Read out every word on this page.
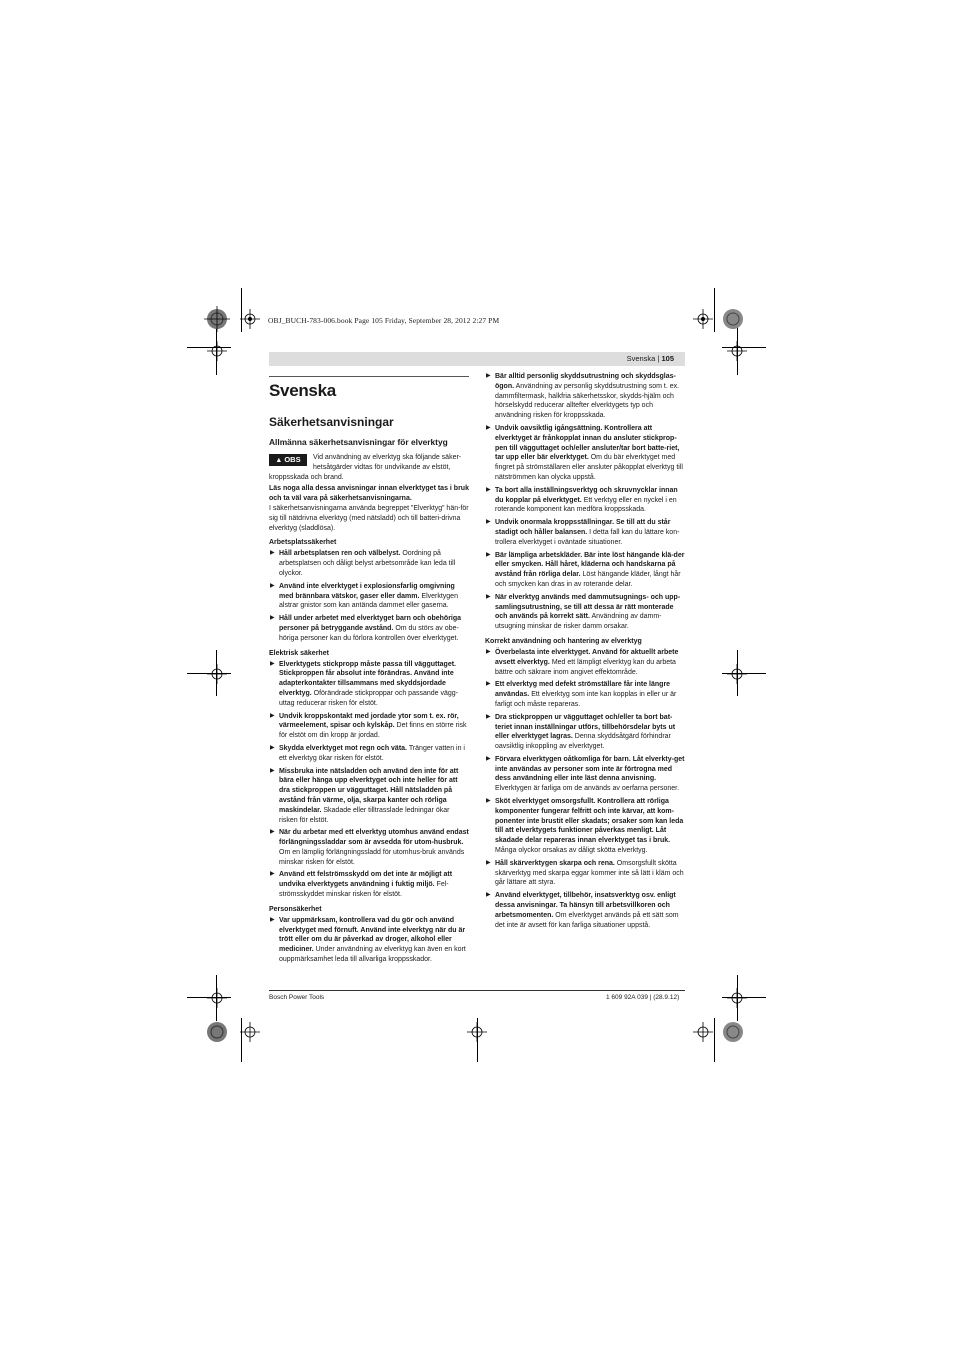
OBJ_BUCH-783-006.book Page 105 Friday, September 28, 2012 2:27 PM
Svenska | 105
Svenska
Säkerhetsanvisningar
Allmänna säkerhetsanvisningar för elverktyg
▲ OBS	Vid användning av elverktyg ska följande säker-hetsåtgärder vidtas för undvikande av elstöt, kroppsskada och brand.

Läs noga alla dessa anvisningar innan elverktyget tas i bruk och ta väl vara på säkerhetsanvisningarna.

I säkerhetsanvisningarna använda begreppet ”Elverktyg” hän-för sig till nätdrivna elverktyg (med nätsladd) och till batteri-drivna elverktyg (sladdlösa).

Arbetsplatssäkerhet
▶ Håll arbetsplatsen ren och välbelyst. Oordning på arbetsplatsen och dåligt belyst arbetsområde kan leda till olyckor.

▶ Använd inte elverktyget i explosionsfarlig omgivning med brännbara vätskor, gaser eller damm. Elverktygen alstrar gnistor som kan antända dammet eller gaserna.

▶ Håll under arbetet med elverktyget barn och obehöriga personer på betryggande avstånd. Om du störs av obe-höriga personer kan du förlora kontrollen över elverktyget.

Elektrisk säkerhet
▶ Elverktygets stickpropp måste passa till vägguttaget. Stickproppen får absolut inte förändras. Använd inte adapterkontakter tillsammans med skyddsjordade elverktyg. Oförändrade stickproppar och passande vägg-uttag reducerar risken för elstöt.

▶ Undvik kroppskontakt med jordade ytor som t. ex. rör, värmeelement, spisar och kylskåp. Det finns en större risk för elstöt om din kropp är jordad.

▶ Skydda elverktyget mot regn och väta. Tränger vatten in i ett elverktyg ökar risken för elstöt.

▶ Missbruka inte nätsladden och använd den inte för att bära eller hänga upp elverktyget och inte heller för att dra stickproppen ur vägguttaget. Håll nätsladden på avstånd från värme, olja, skarpa kanter och rörliga maskindelar. Skadade eller tilltrasslade ledningar ökar risken för elstöt.

▶ När du arbetar med ett elverktyg utomhus använd endast förlängningssladdar som är avsedda för utom-husbruk. Om en lämplig förlängningssladd för utomhus-bruk används minskar risken för elstöt.

▶ Använd ett felströmsskydd om det inte är möjligt att undvika elverktygets användning i fuktig miljö. Fel-strömsskyddet minskar risken för elstöt.

Personsäkerhet
▶ Var uppmärksam, kontrollera vad du gör och använd elverktyget med förnuft. Använd inte elverktyg när du är trött eller om du är påverkad av droger, alkohol eller mediciner. Under användning av elverktyg kan även en kort ouppmärksamhet leda till allvarliga kroppsskador.

▶ Bär alltid personlig skyddsutrustning och skyddsglas-ögon. Användning av personlig skyddsutrustning som t. ex. dammfiltermask, halkfria säkerhetsskor, skydds-hjälm och hörselskydd reducerar alltefter elverktygets typ och användning risken för kroppsskada.

▶ Undvik oavsiktlig igångsättning. Kontrollera att elverktyget är frånkopplat innan du ansluter stickprop-pen till vägguttaget och/eller ansluter/tar bort batte-riet, tar upp eller bär elverktyget. Om du bär elverktyget med fingret på strömställaren eller ansluter påkopplat elverktyg till nätströmmen kan olycka uppstå.

▶ Ta bort alla inställningsverktyg och skruvnycklar innan du kopplar på elverktyget. Ett verktyg eller en nyckel i en roterande komponent kan medföra kroppsskada.

▶ Undvik onormala kroppsställningar. Se till att du står stadigt och håller balansen. I detta fall kan du lättare kon-trollera elverktyget i oväntade situationer.

▶ Bär lämpliga arbetskläder. Bär inte löst hängande klä-der eller smycken. Håll håret, kläderna och handskarna på avstånd från rörliga delar. Löst hängande kläder, långt hår och smycken kan dras in av roterande delar.

▶ När elverktyg används med dammutsugnings- och upp-samlingsutrustning, se till att dessa är rätt monterade och används på korrekt sätt. Användning av damm-utsugning minskar de risker damm orsakar.

Korrekt användning och hantering av elverktyg
▶ Överbelasta inte elverktyget. Använd för aktuellt arbete avsett elverktyg. Med ett lämpligt elverktyg kan du arbeta bättre och säkrare inom angivet effektområde.

▶ Ett elverktyg med defekt strömställare får inte längre användas. Ett elverktyg som inte kan kopplas in eller ur är farligt och måste repareras.

▶ Dra stickproppen ur vägguttaget och/eller ta bort bat-teriet innan inställningar utförs, tillbehörsdelar byts ut eller elverktyget lagras. Denna skyddsåtgärd förhindrar oavsiktlig inkoppling av elverktyget.

▶ Förvara elverktygen oåtkomliga för barn. Låt elverkty-get inte användas av personer som inte är förtrogna med dess användning eller inte läst denna anvisning. Elverktygen är farliga om de används av oerfarna personer.

▶ Sköt elverktyget omsorgsfullt. Kontrollera att rörliga komponenter fungerar felfritt och inte kärvar, att kom-ponenter inte brustit eller skadats; orsaker som kan leda till att elverktygets funktioner påverkas menligt. Låt skadade delar repareras innan elverktyget tas i bruk. Många olyckor orsakas av dåligt skötta elverktyg.

▶ Håll skärverktygen skarpa och rena. Omsorgsfullt skötta skärverktyg med skarpa eggar kommer inte så lätt i kläm och går lättare att styra.

▶ Använd elverktyget, tillbehör, insatsverktyg osv. enligt dessa anvisningar. Ta hänsyn till arbetsvillkoren och arbetsmomenten. Om elverktyget används på ett sätt som det inte är avsett för kan farliga situationer uppstå.

Bosch Power Tools	1 609 92A 039 | (28.9.12)
